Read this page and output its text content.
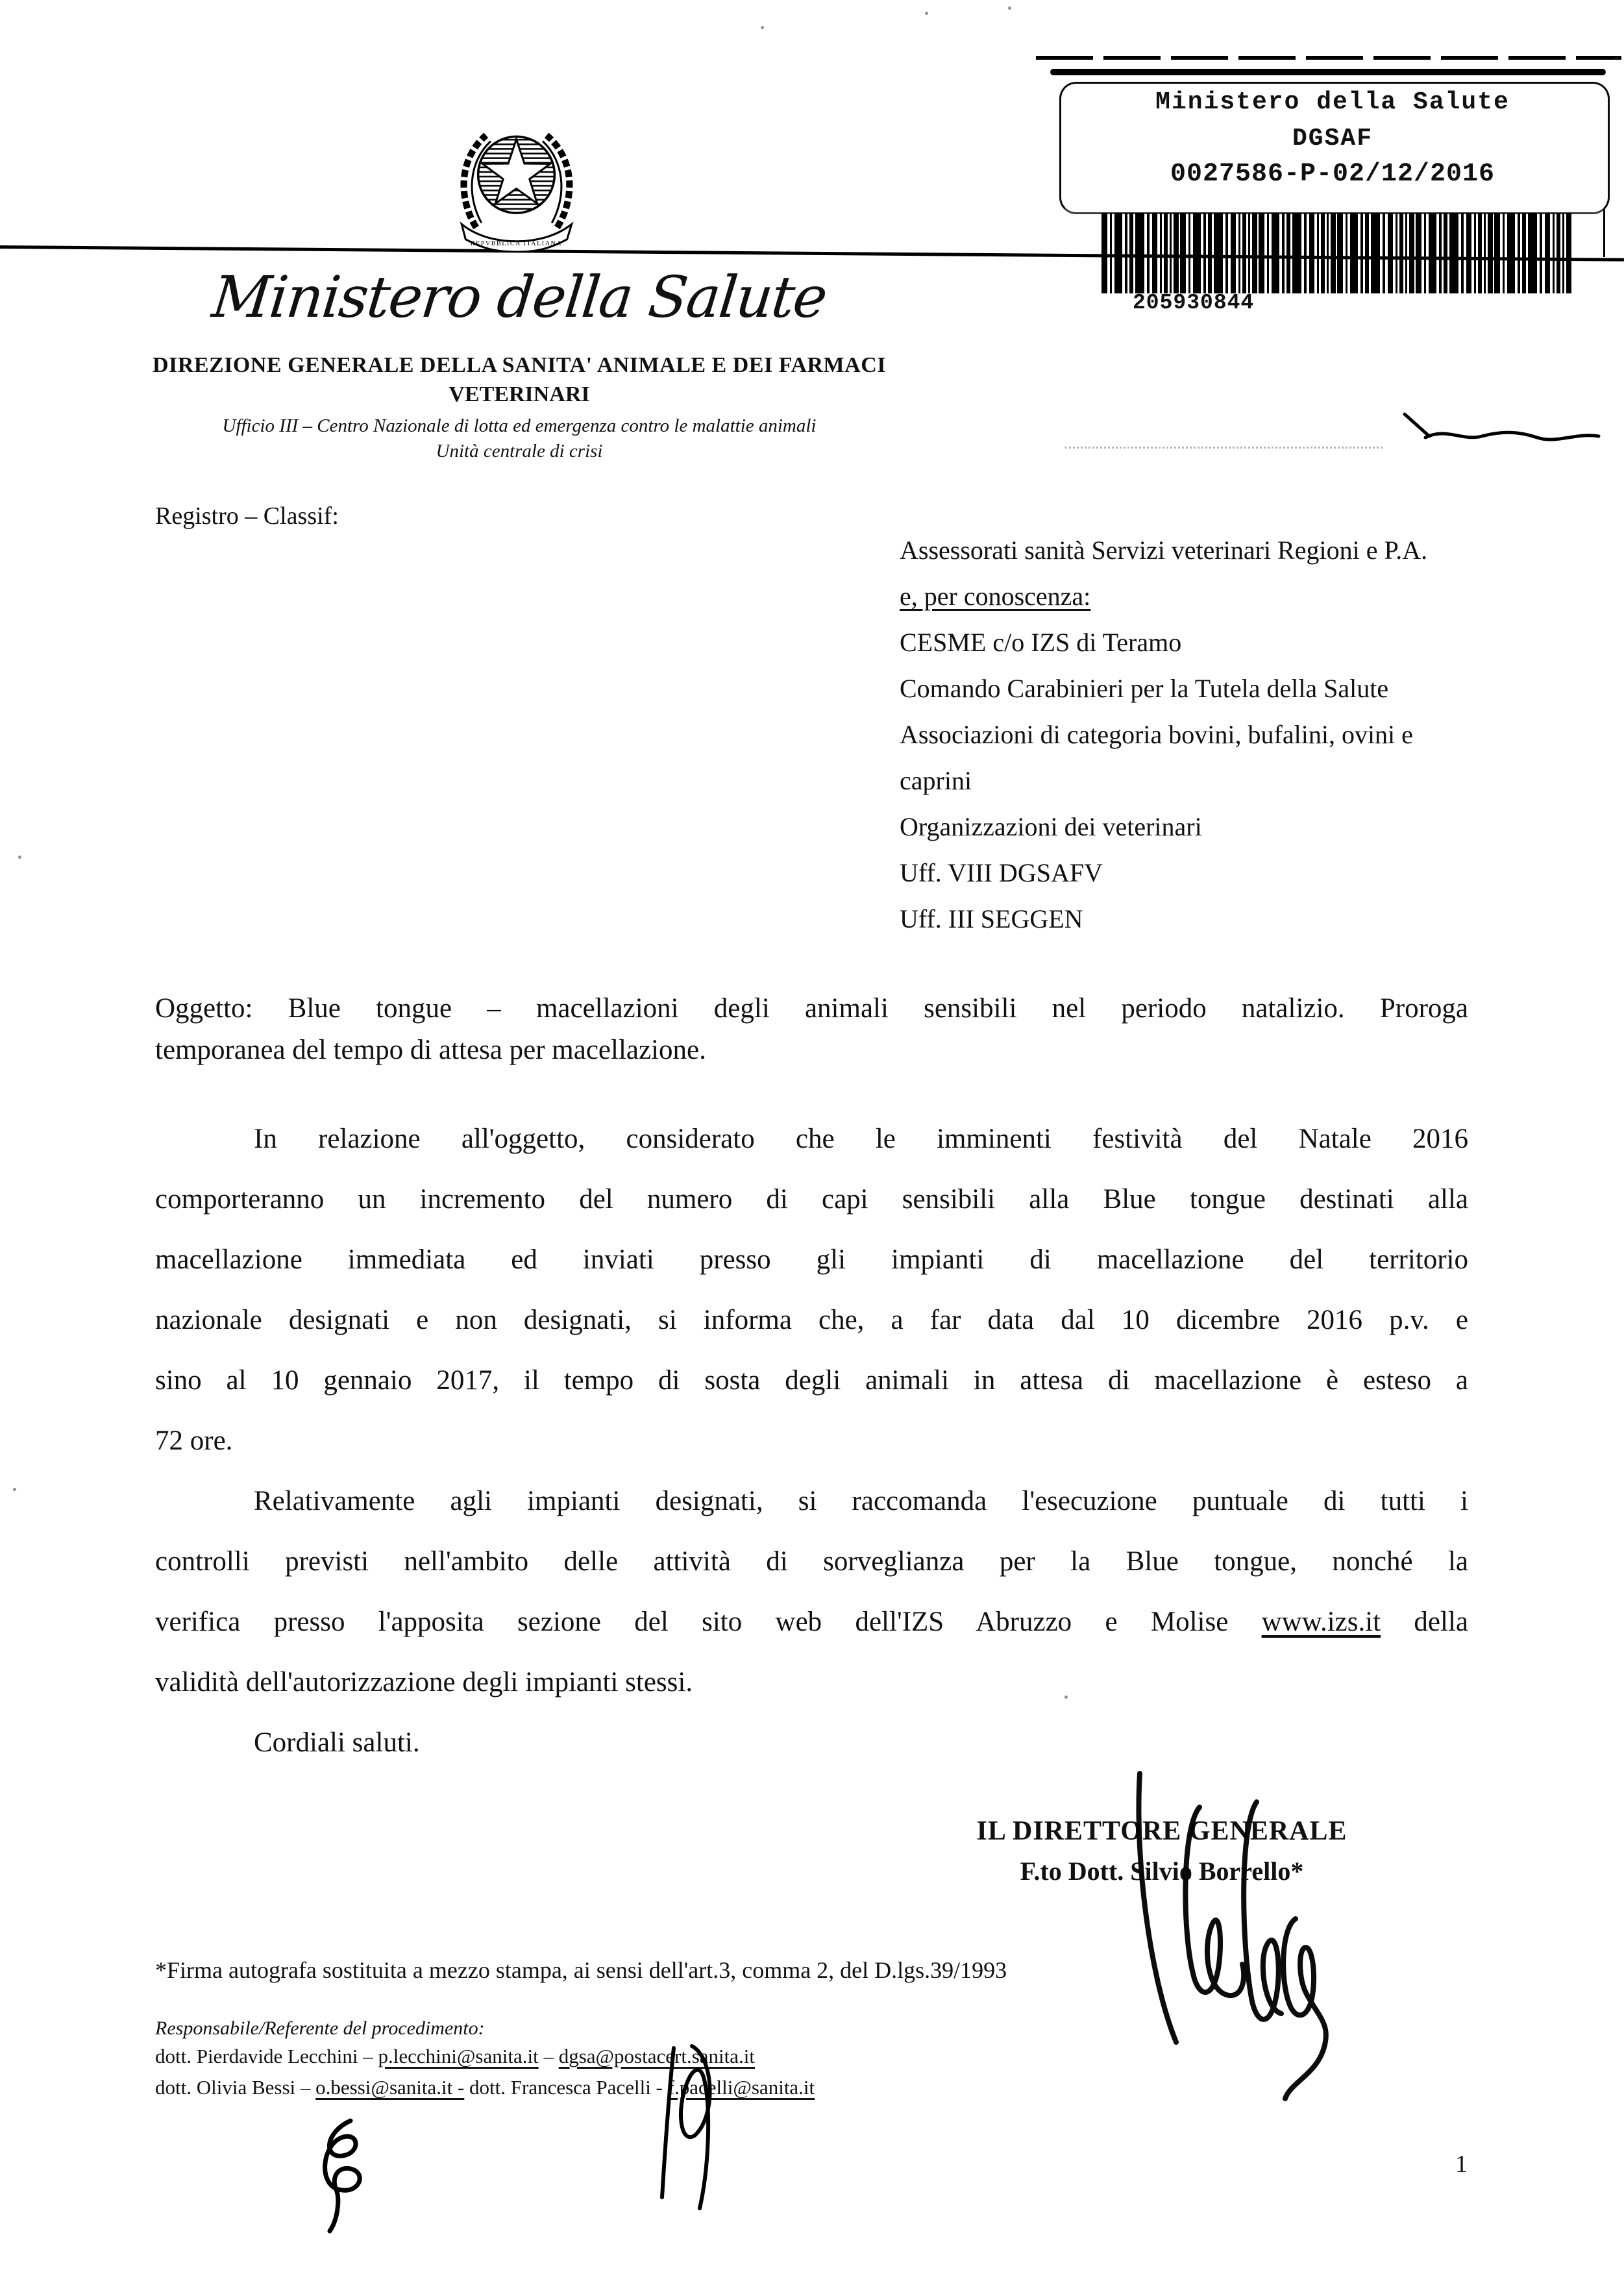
REPVBBLICA ITALIANA
Ministero della Salute
DIREZIONE GENERALE DELLA SANITA' ANIMALE E DEI FARMACI
VETERINARI
Ufficio III – Centro Nazionale di lotta ed emergenza contro le malattie animali
Unità centrale di crisi
Ministero della Salute
DGSAF
0027586-P-02/12/2016
205930844
Registro – Classif:
Assessorati sanità Servizi veterinari Regioni e P.A.
e, per conoscenza:
CESME c/o IZS di Teramo
Comando Carabinieri per la Tutela della Salute
Associazioni di categoria bovini, bufalini, ovini e
caprini
Organizzazioni dei veterinari
Uff. VIII DGSAFV
Uff. III SEGGEN
Oggetto: Blue tongue – macellazioni degli animali sensibili nel periodo natalizio. Proroga
temporanea del tempo di attesa per macellazione.
In relazione all'oggetto, considerato che le imminenti festività del Natale 2016
comporteranno un incremento del numero di capi sensibili alla Blue tongue destinati alla
macellazione immediata ed inviati presso gli impianti di macellazione del territorio
nazionale designati e non designati, si informa che, a far data dal 10 dicembre 2016 p.v. e
sino al 10 gennaio 2017, il tempo di sosta degli animali in attesa di macellazione è esteso a
72 ore.
Relativamente agli impianti designati, si raccomanda l'esecuzione puntuale di tutti i
controlli previsti nell'ambito delle attività di sorveglianza per la Blue tongue, nonché la
verifica presso l'apposita sezione del sito web dell'IZS Abruzzo e Molise www.izs.it della
validità dell'autorizzazione degli impianti stessi.
Cordiali saluti.
IL DIRETTORE GENERALE
F.to Dott. Silvio Borrello*
*Firma autografa sostituita a mezzo stampa, ai sensi dell'art.3, comma 2, del D.lgs.39/1993
Responsabile/Referente del procedimento:
dott. Pierdavide Lecchini – p.lecchini@sanita.it – dgsa@postacert.sanita.it
dott. Olivia Bessi – o.bessi@sanita.it - dott. Francesca Pacelli - f.pacelli@sanita.it
1
